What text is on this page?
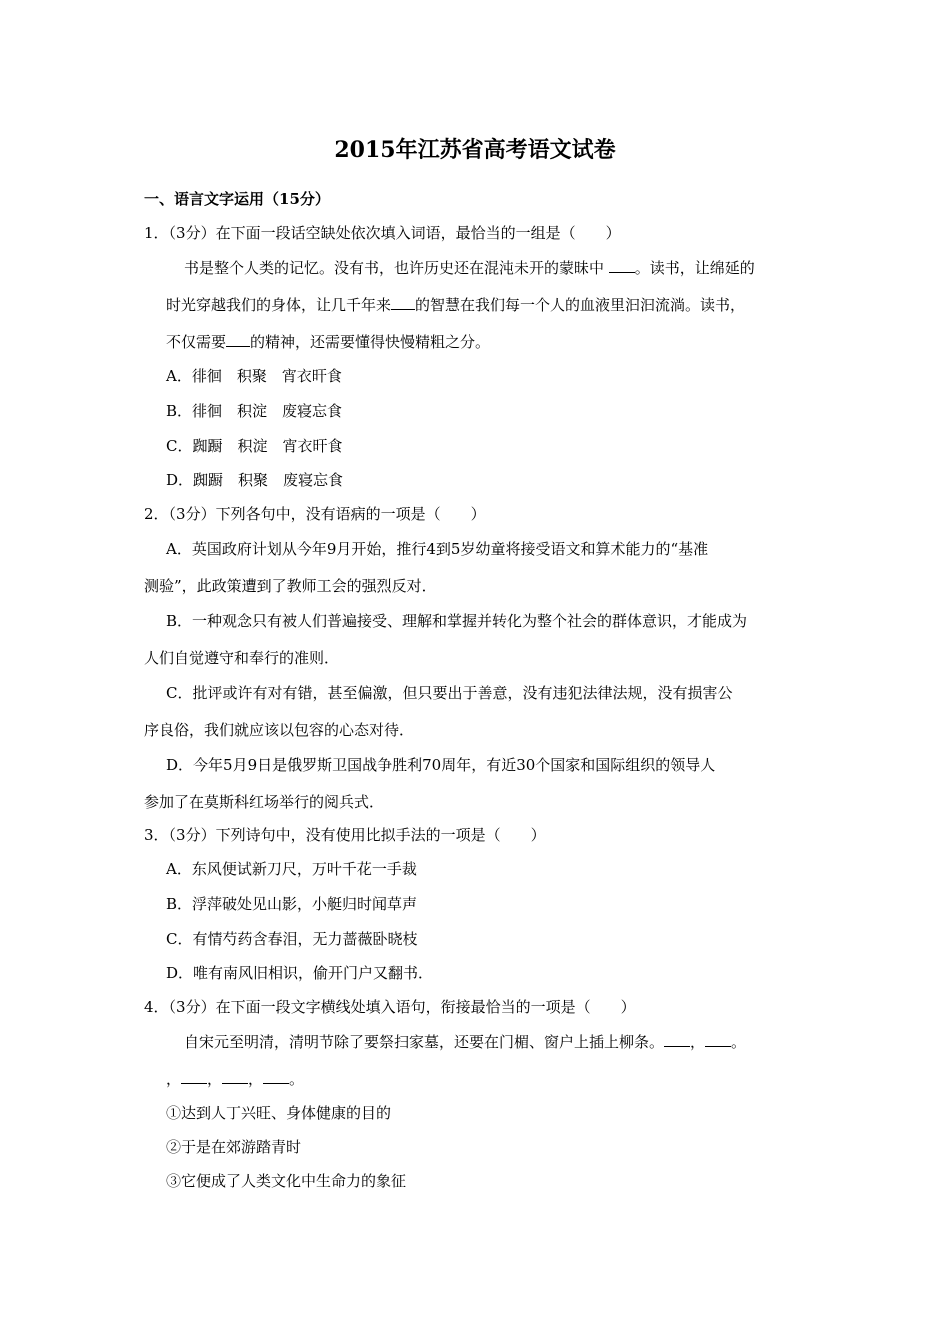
2015年江苏省高考语文试卷
一、语言文字运用（15分）
1．（3分）在下面一段话空缺处依次填入词语，最恰当的一组是（　　）
书是整个人类的记忆。没有书，也许历史还在混沌未开的蒙昧中 。读书，让绵延的
时光穿越我们的身体，让几千年来 的智慧在我们每一个人的血液里汩汩流淌。读书，
不仅需要 的精神，还需要懂得快慢精粗之分。
A．徘徊　积聚　宵衣旰食
B．徘徊　积淀　废寝忘食
C．踟蹰　积淀　宵衣旰食
D．踟蹰　积聚　废寝忘食
2．（3分）下列各句中，没有语病的一项是（　　）
A．英国政府计划从今年9月开始，推行4到5岁幼童将接受语文和算术能力的“基准
测验”，此政策遭到了教师工会的强烈反对．
B．一种观念只有被人们普遍接受、理解和掌握并转化为整个社会的群体意识，才能成为
人们自觉遵守和奉行的准则．
C．批评或许有对有错，甚至偏激，但只要出于善意，没有违犯法律法规，没有损害公
序良俗，我们就应该以包容的心态对待．
D．今年5月9日是俄罗斯卫国战争胜利70周年，有近30个国家和国际组织的领导人
参加了在莫斯科红场举行的阅兵式．
3．（3分）下列诗句中，没有使用比拟手法的一项是（　　）
A．东风便试新刀尺，万叶千花一手裁
B．浮萍破处见山影，小艇归时闻草声
C．有情芍药含春泪，无力蔷薇卧晓枝
D．唯有南风旧相识，偷开门户又翻书．
4．（3分）在下面一段文字横线处填入语句，衔接最恰当的一项是（　　）
自宋元至明清，清明节除了要祭扫家墓，还要在门楣、窗户上插上柳条。 ， 。
， ， ， 。
①达到人丁兴旺、身体健康的目的
②于是在郊游踏青时
③它便成了人类文化中生命力的象征
